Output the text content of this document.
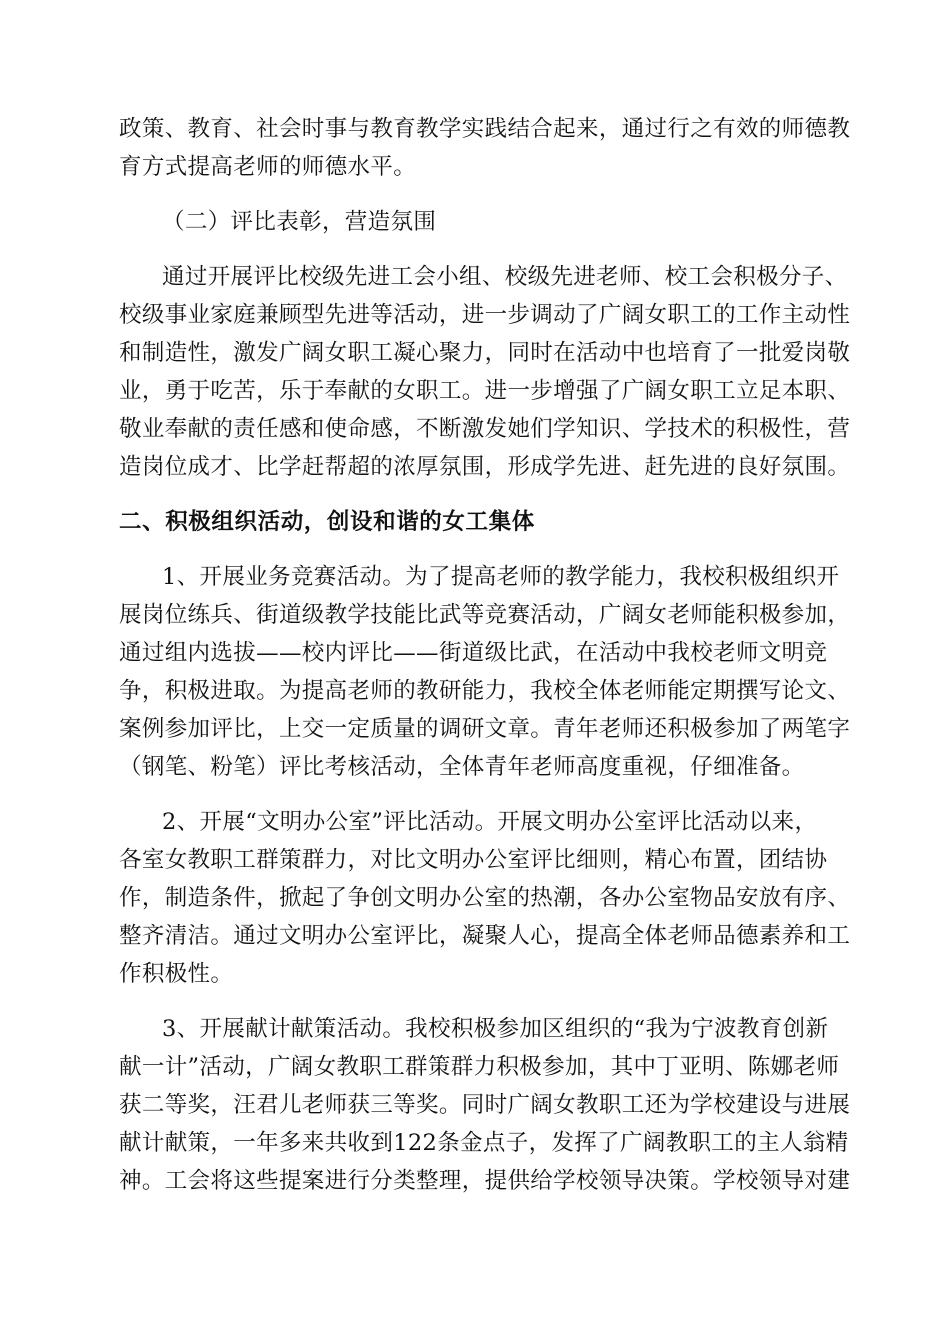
政策、教育、社会时事与教育教学实践结合起来，通过行之有效的师德教
育方式提高老师的师德水平。
（二）评比表彰，营造氛围
通过开展评比校级先进工会小组、校级先进老师、校工会积极分子、
校级事业家庭兼顾型先进等活动，进一步调动了广阔女职工的工作主动性
和制造性，激发广阔女职工凝心聚力，同时在活动中也培育了一批爱岗敬
业，勇于吃苦，乐于奉献的女职工。进一步增强了广阔女职工立足本职、
敬业奉献的责任感和使命感，不断激发她们学知识、学技术的积极性，营
造岗位成才、比学赶帮超的浓厚氛围，形成学先进、赶先进的良好氛围。
二、积极组织活动，创设和谐的女工集体
1、开展业务竞赛活动。为了提高老师的教学能力，我校积极组织开
展岗位练兵、街道级教学技能比武等竞赛活动，广阔女老师能积极参加，
通过组内选拔——校内评比——街道级比武，在活动中我校老师文明竞
争，积极进取。为提高老师的教研能力，我校全体老师能定期撰写论文、
案例参加评比，上交一定质量的调研文章。青年老师还积极参加了两笔字
（钢笔、粉笔）评比考核活动，全体青年老师高度重视，仔细准备。
2、开展“文明办公室”评比活动。开展文明办公室评比活动以来，
各室女教职工群策群力，对比文明办公室评比细则，精心布置，团结协
作，制造条件，掀起了争创文明办公室的热潮，各办公室物品安放有序、
整齐清洁。通过文明办公室评比，凝聚人心，提高全体老师品德素养和工
作积极性。
3、开展献计献策活动。我校积极参加区组织的“我为宁波教育创新
献一计”活动，广阔女教职工群策群力积极参加，其中丁亚明、陈娜老师
获二等奖，汪君儿老师获三等奖。同时广阔女教职工还为学校建设与进展
献计献策，一年多来共收到122条金点子，发挥了广阔教职工的主人翁精
神。工会将这些提案进行分类整理，提供给学校领导决策。学校领导对建
